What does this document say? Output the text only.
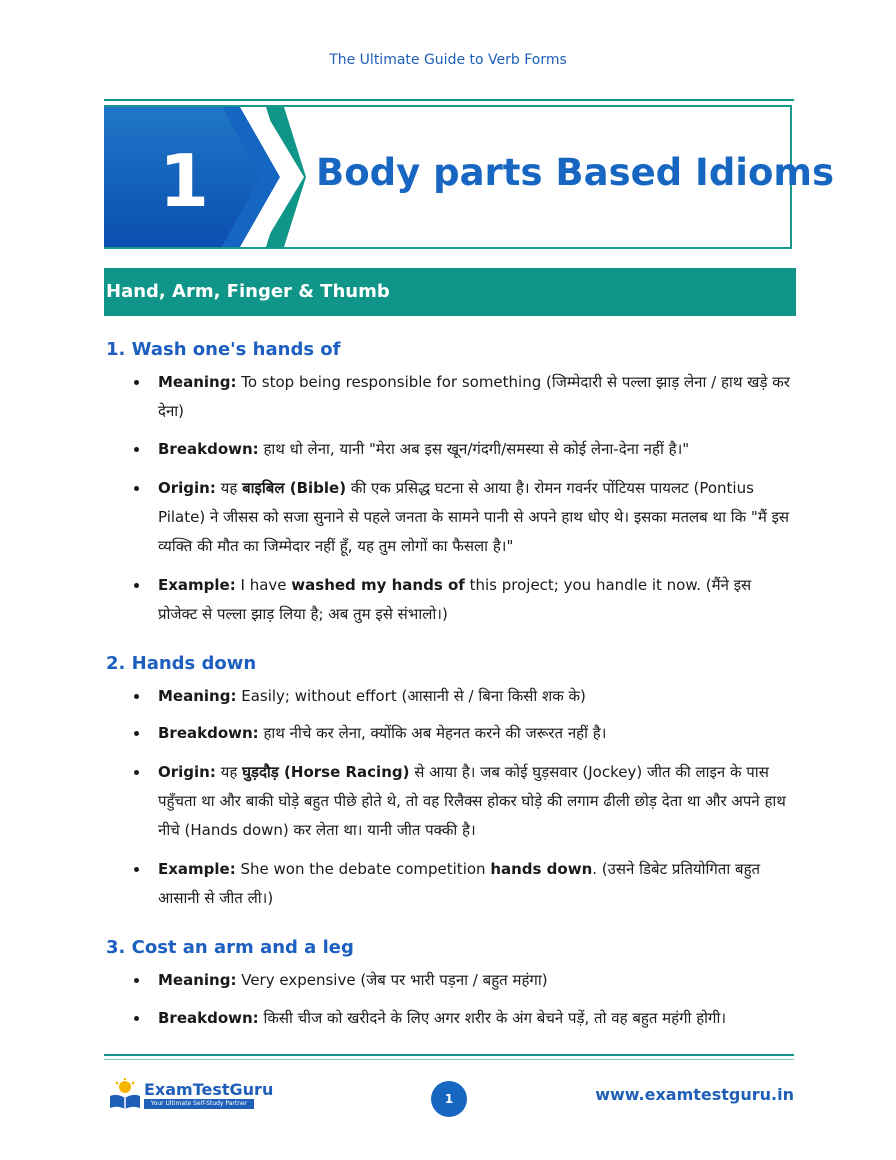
The Ultimate Guide to Verb Forms
1	Body parts Based Idioms
Hand, Arm, Finger & Thumb
1. Wash one's hands of
Meaning: To stop being responsible for something (जिम्मेदारी से पल्ला झाड़ लेना / हाथ खड़े कर देना)
Breakdown: हाथ धो लेना, यानी "मेरा अब इस खून/गंदगी/समस्या से कोई लेना-देना नहीं है।"
Origin: यह बाइबिल (Bible) की एक प्रसिद्ध घटना से आया है। रोमन गवर्नर पोंटियस पायलट (Pontius Pilate) ने जीसस को सजा सुनाने से पहले जनता के सामने पानी से अपने हाथ धोए थे। इसका मतलब था कि "मैं इस व्यक्ति की मौत का जिम्मेदार नहीं हूँ, यह तुम लोगों का फैसला है।"
Example: I have washed my hands of this project; you handle it now. (मैंने इस प्रोजेक्ट से पल्ला झाड़ लिया है; अब तुम इसे संभालो।)
2. Hands down
Meaning: Easily; without effort (आसानी से / बिना किसी शक के)
Breakdown: हाथ नीचे कर लेना, क्योंकि अब मेहनत करने की जरूरत नहीं है।
Origin: यह घुड़दौड़ (Horse Racing) से आया है। जब कोई घुड़सवार (Jockey) जीत की लाइन के पास पहुँचता था और बाकी घोड़े बहुत पीछे होते थे, तो वह रिलैक्स होकर घोड़े की लगाम ढीली छोड़ देता था और अपने हाथ नीचे (Hands down) कर लेता था। यानी जीत पक्की है।
Example: She won the debate competition hands down. (उसने डिबेट प्रतियोगिता बहुत आसानी से जीत ली।)
3. Cost an arm and a leg
Meaning: Very expensive (जेब पर भारी पड़ना / बहुत महंगा)
Breakdown: किसी चीज को खरीदने के लिए अगर शरीर के अंग बेचने पड़ें, तो वह बहुत महंगी होगी।
ExamTestGuru
Your Ultimate Self-Study Partner	1	www.examtestguru.in
